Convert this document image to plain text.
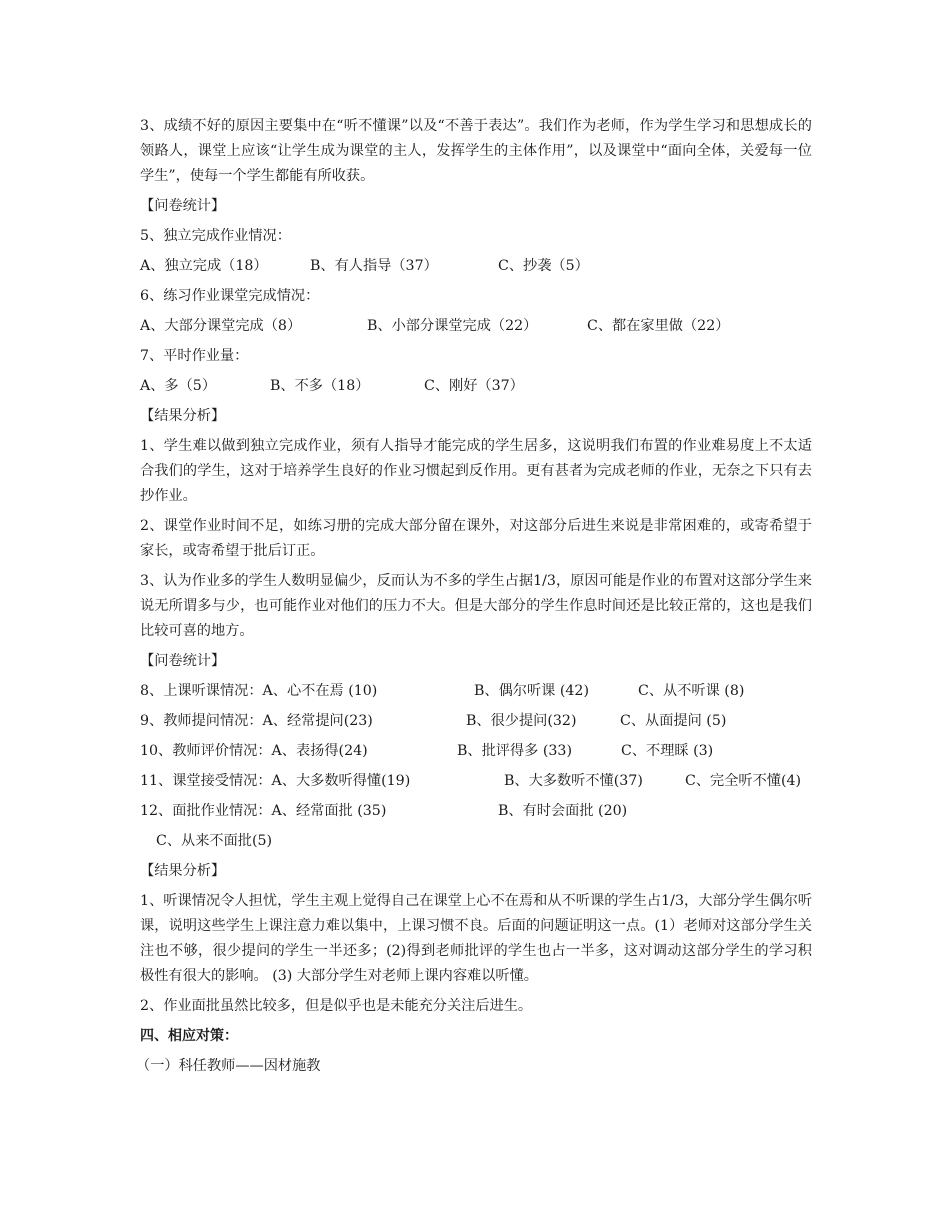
3、成绩不好的原因主要集中在“听不懂课”以及“不善于表达”。我们作为老师，作为学生学习和思想成长的领路人，课堂上应该“让学生成为课堂的主人，发挥学生的主体作用”，以及课堂中“面向全体，关爱每一位学生”，使每一个学生都能有所收获。

【问卷统计】

5、独立完成作业情况：

A、独立完成（18）	B、有人指导（37）	C、抄袭（5）

6、练习作业课堂完成情况：

A、大部分课堂完成（8）	B、小部分课堂完成（22）	C、都在家里做（22）

7、平时作业量：

A、多（5）	B、不多（18）	C、刚好（37）

【结果分析】

1、学生难以做到独立完成作业，须有人指导才能完成的学生居多，这说明我们布置的作业难易度上不太适合我们的学生，这对于培养学生良好的作业习惯起到反作用。更有甚者为完成老师的作业，无奈之下只有去抄作业。

2、课堂作业时间不足，如练习册的完成大部分留在课外，对这部分后进生来说是非常困难的，或寄希望于家长，或寄希望于批后订正。

3、认为作业多的学生人数明显偏少，反而认为不多的学生占据1/3，原因可能是作业的布置对这部分学生来说无所谓多与少，也可能作业对他们的压力不大。但是大部分的学生作息时间还是比较正常的，这也是我们比较可喜的地方。

【问卷统计】

8、上课听课情况：A、心不在焉 (10)	B、偶尔听课 (42)	C、从不听课 (8)

9、教师提问情况：A、经常提问(23)	B、很少提问(32)	C、从面提问 (5)

10、教师评价情况：A、表扬得(24)	B、批评得多 (33)	C、不理睬 (3)

11、课堂接受情况：A、大多数听得懂(19)	B、大多数听不懂(37)	C、完全听不懂(4)

12、面批作业情况：A、经常面批 (35)	B、有时会面批 (20)

C、从来不面批(5)

【结果分析】

1、听课情况令人担忧，学生主观上觉得自己在课堂上心不在焉和从不听课的学生占1/3，大部分学生偶尔听课，说明这些学生上课注意力难以集中，上课习惯不良。后面的问题证明这一点。(1）老师对这部分学生关注也不够，很少提问的学生一半还多；(2)得到老师批评的学生也占一半多，这对调动这部分学生的学习积极性有很大的影响。 (3) 大部分学生对老师上课内容难以听懂。

2、作业面批虽然比较多，但是似乎也是未能充分关注后进生。

四、相应对策：

（一）科任教师——因材施教
